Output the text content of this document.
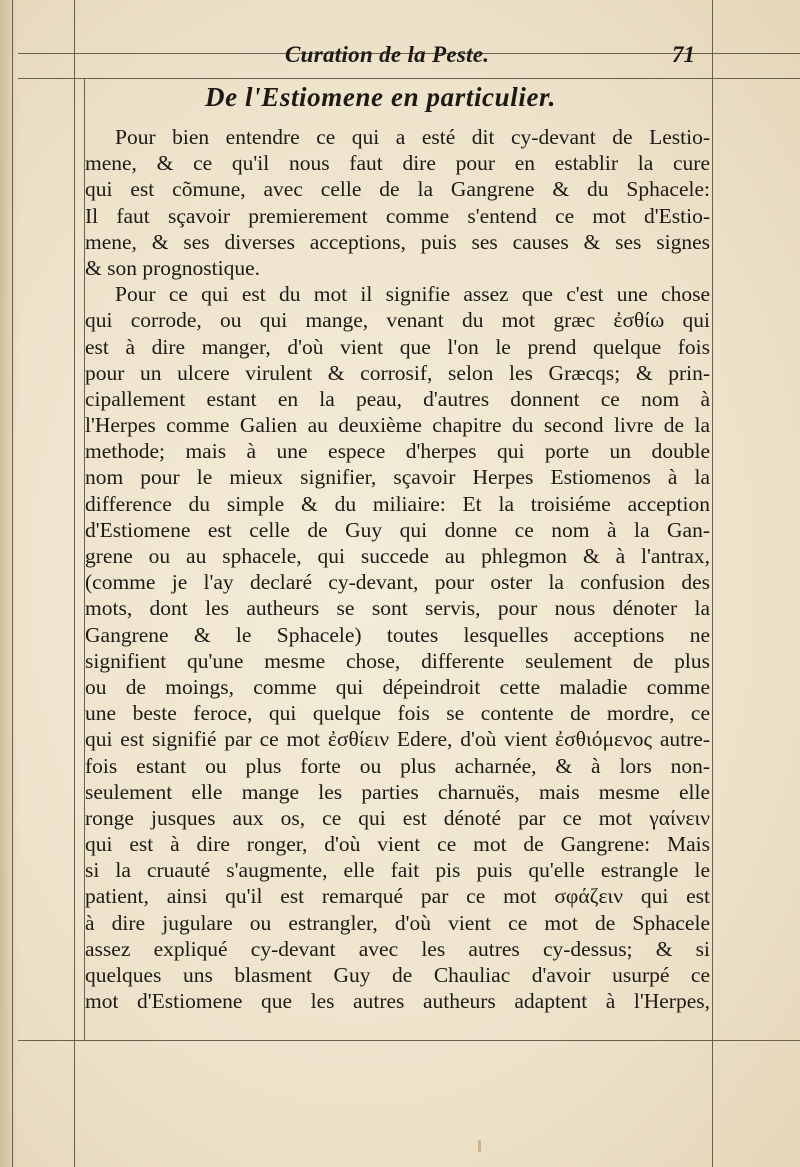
Curation de la Peste.	71
De l'Estiomene en particulier.
Pour bien entendre ce qui a esté dit cy-devant de Lestio-
mene, & ce qu'il nous faut dire pour en establir la cure
qui est cõmune, avec celle de la Gangrene & du Sphacele:
Il faut sçavoir premierement comme s'entend ce mot d'Estio-
mene, & ses diverses acceptions, puis ses causes & ses signes
& son prognostique.
Pour ce qui est du mot il signifie assez que c'est une chose
qui corrode, ou qui mange, venant du mot græc ἐσθίω qui
est à dire manger, d'où vient que l'on le prend quelque fois
pour un ulcere virulent & corrosif, selon les Græcqs; & prin-
cipallement estant en la peau, d'autres donnent ce nom à
l'Herpes comme Galien au deuxième chapitre du second livre de la
methode; mais à une espece d'herpes qui porte un double
nom pour le mieux signifier, sçavoir Herpes Estiomenos à la
difference du simple & du miliaire: Et la troisiéme acception
d'Estiomene est celle de Guy qui donne ce nom à la Gan-
grene ou au sphacele, qui succede au phlegmon & à l'antrax,
(comme je l'ay declaré cy-devant, pour oster la confusion des
mots, dont les autheurs se sont servis, pour nous dénoter la
Gangrene & le Sphacele) toutes lesquelles acceptions ne
signifient qu'une mesme chose, differente seulement de plus
ou de moings, comme qui dépeindroit cette maladie comme
une beste feroce, qui quelque fois se contente de mordre, ce
qui est signifié par ce mot ἐσθίειν Edere, d'où vient ἐσθιόμενος autre-
fois estant ou plus forte ou plus acharnée, & à lors non-
seulement elle mange les parties charnuës, mais mesme elle
ronge jusques aux os, ce qui est dénoté par ce mot γαίνειν
qui est à dire ronger, d'où vient ce mot de Gangrene: Mais
si la cruauté s'augmente, elle fait pis puis qu'elle estrangle le
patient, ainsi qu'il est remarqué par ce mot σφάζειν qui est
à dire jugulare ou estrangler, d'où vient ce mot de Sphacele
assez expliqué cy-devant avec les autres cy-dessus; & si
quelques uns blasment Guy de Chauliac d'avoir usurpé ce
mot d'Estiomene que les autres autheurs adaptent à l'Herpes,
